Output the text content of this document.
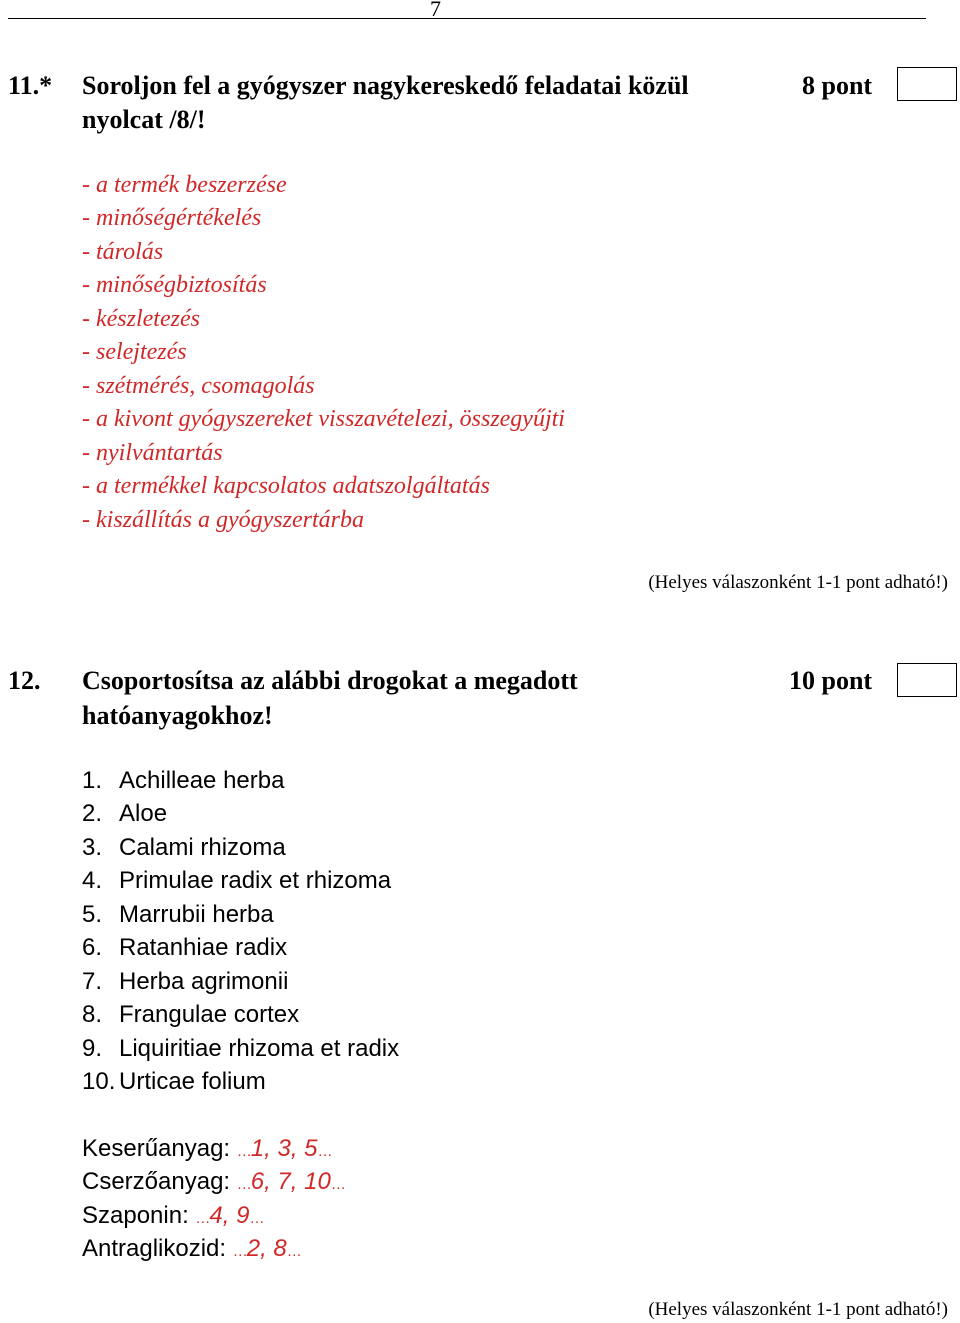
7
11.* Soroljon fel a gyógyszer nagykereskedő feladatai közül
nyolcat /8/!
8 pont
- a termék beszerzése
- minőségértékelés
- tárolás
- minőségbiztosítás
- készletezés
- selejtezés
- szétmérés, csomagolás
- a kivont gyógyszereket visszavételezi, összegyűjti
- nyilvántartás
- a termékkel kapcsolatos adatszolgáltatás
- kiszállítás a gyógyszertárba
(Helyes válaszonként 1-1 pont adható!)
12. Csoportosítsa az alábbi drogokat a megadott
hatóanyagokhoz!
10 pont
1. Achilleae herba
2. Aloe
3. Calami rhizoma
4. Primulae radix et rhizoma
5. Marrubii herba
6. Ratanhiae radix
7. Herba agrimonii
8. Frangulae cortex
9. Liquiritiae rhizoma et radix
10. Urticae folium
Keserűanyag: …1, 3, 5…
Cserzőanyag: …6, 7, 10…
Szaponin: …4, 9…
Antraglikozid: …2, 8…
(Helyes válaszonként 1-1 pont adható!)
